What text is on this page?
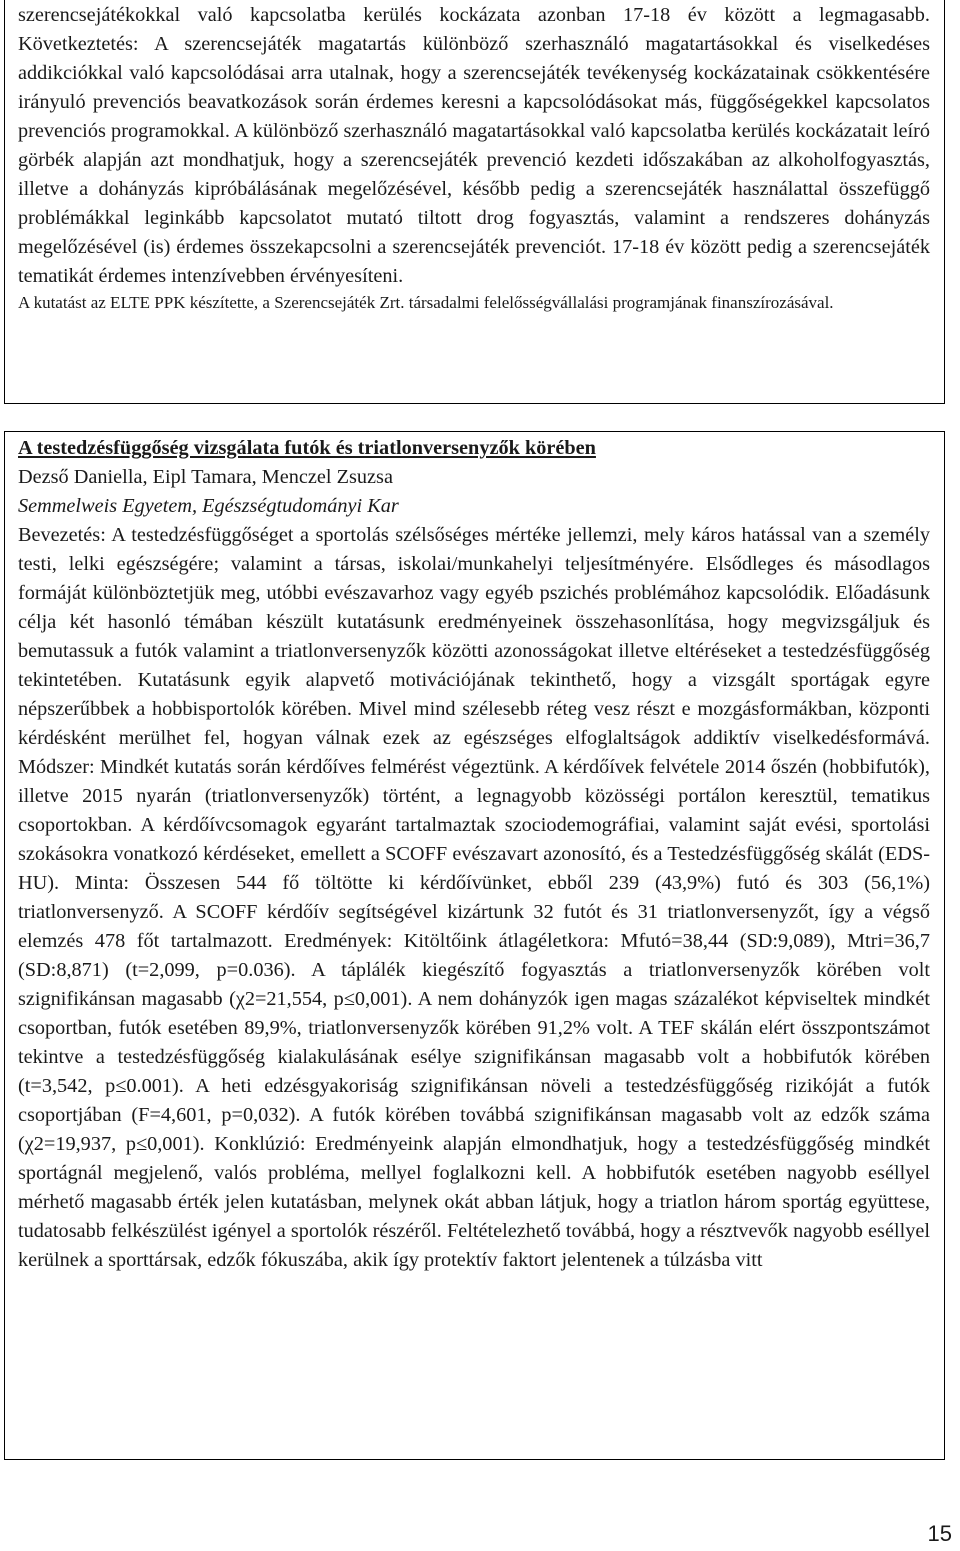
szerencsejátékokkal való kapcsolatba kerülés kockázata azonban 17-18 év között a legmagasabb. Következtetés: A szerencsejáték magatartás különböző szerhasználó magatartásokkal és viselkedéses addikciókkal való kapcsolódásai arra utalnak, hogy a szerencsejáték tevékenység kockázatainak csökkentésére irányuló prevenciós beavatkozások során érdemes keresni a kapcsolódásokat más, függőségekkel kapcsolatos prevenciós programokkal. A különböző szerhasználó magatartásokkal való kapcsolatba kerülés kockázatait leíró görbék alapján azt mondhatjuk, hogy a szerencsejáték prevenció kezdeti időszakában az alkoholfogyasztás, illetve a dohányzás kipróbálásának megelőzésével, később pedig a szerencsejáték használattal összefüggő problémákkal leginkább kapcsolatot mutató tiltott drog fogyasztás, valamint a rendszeres dohányzás megelőzésével (is) érdemes összekapcsolni a szerencsejáték prevenciót. 17-18 év között pedig a szerencsejáték tematikát érdemes intenzívebben érvényesíteni.

A kutatást az ELTE PPK készítette, a Szerencsejáték Zrt. társadalmi felelősségvállalási programjának finanszírozásával.

A testedzésfüggőség vizsgálata futók és triatlonversenyzők körében
Dezső Daniella, Eipl Tamara, Menczel Zsuzsa
Semmelweis Egyetem, Egészségtudományi Kar

Bevezetés: A testedzésfüggőséget a sportolás szélsőséges mértéke jellemzi, mely káros hatással van a személy testi, lelki egészségére; valamint a társas, iskolai/munkahelyi teljesítményére. Elsődleges és másodlagos formáját különböztetjük meg, utóbbi evészavarhoz vagy egyéb pszichés problémához kapcsolódik. Előadásunk célja két hasonló témában készült kutatásunk eredményeinek összehasonlítása, hogy megvizsgáljuk és bemutassuk a futók valamint a triatlonversenyzők közötti azonosságokat illetve eltéréseket a testedzésfüggőség tekintetében. Kutatásunk egyik alapvető motivációjának tekinthető, hogy a vizsgált sportágak egyre népszerűbbek a hobbisportolók körében. Mivel mind szélesebb réteg vesz részt e mozgásformákban, központi kérdésként merülhet fel, hogyan válnak ezek az egészséges elfoglaltságok addiktív viselkedésformává. Módszer: Mindkét kutatás során kérdőíves felmérést végeztünk. A kérdőívek felvétele 2014 őszén (hobbifutók), illetve 2015 nyarán (triatlonversenyzők) történt, a legnagyobb közösségi portálon keresztül, tematikus csoportokban. A kérdőívcsomagok egyaránt tartalmaztak szociodemográfiai, valamint saját evési, sportolási szokásokra vonatkozó kérdéseket, emellett a SCOFF evészavart azonosító, és a Testedzésfüggőség skálát (EDS-HU). Minta: Összesen 544 fő töltötte ki kérdőívünket, ebből 239 (43,9%) futó és 303 (56,1%) triatlonversenyző. A SCOFF kérdőív segítségével kizártunk 32 futót és 31 triatlonversenyzőt, így a végső elemzés 478 főt tartalmazott. Eredmények: Kitöltőink átlagéletkora: Mfutó=38,44 (SD:9,089), Mtri=36,7 (SD:8,871) (t=2,099, p=0.036). A táplálék kiegészítő fogyasztás a triatlonversenyzők körében volt szignifikánsan magasabb (χ2=21,554, p≤0,001). A nem dohányzók igen magas százalékot képviseltek mindkét csoportban, futók esetében 89,9%, triatlonversenyzők körében 91,2% volt. A TEF skálán elért összpontszámot tekintve a testedzésfüggőség kialakulásának esélye szignifikánsan magasabb volt a hobbifutók körében (t=3,542, p≤0.001). A heti edzésgyakoriság szignifikánsan növeli a testedzésfüggőség rizikóját a futók csoportjában (F=4,601, p=0,032). A futók körében továbbá szignifikánsan magasabb volt az edzők száma (χ2=19,937, p≤0,001). Konklúzió: Eredményeink alapján elmondhatjuk, hogy a testedzésfüggőség mindkét sportágnál megjelenő, valós probléma, mellyel foglalkozni kell. A hobbifutók esetében nagyobb eséllyel mérhető magasabb érték jelen kutatásban, melynek okát abban látjuk, hogy a triatlon három sportág együttese, tudatosabb felkészülést igényel a sportolók részéről. Feltételezhető továbbá, hogy a résztvevők nagyobb eséllyel kerülnek a sporttársak, edzők fókuszába, akik így protektív faktort jelentenek a túlzásba vitt

15
